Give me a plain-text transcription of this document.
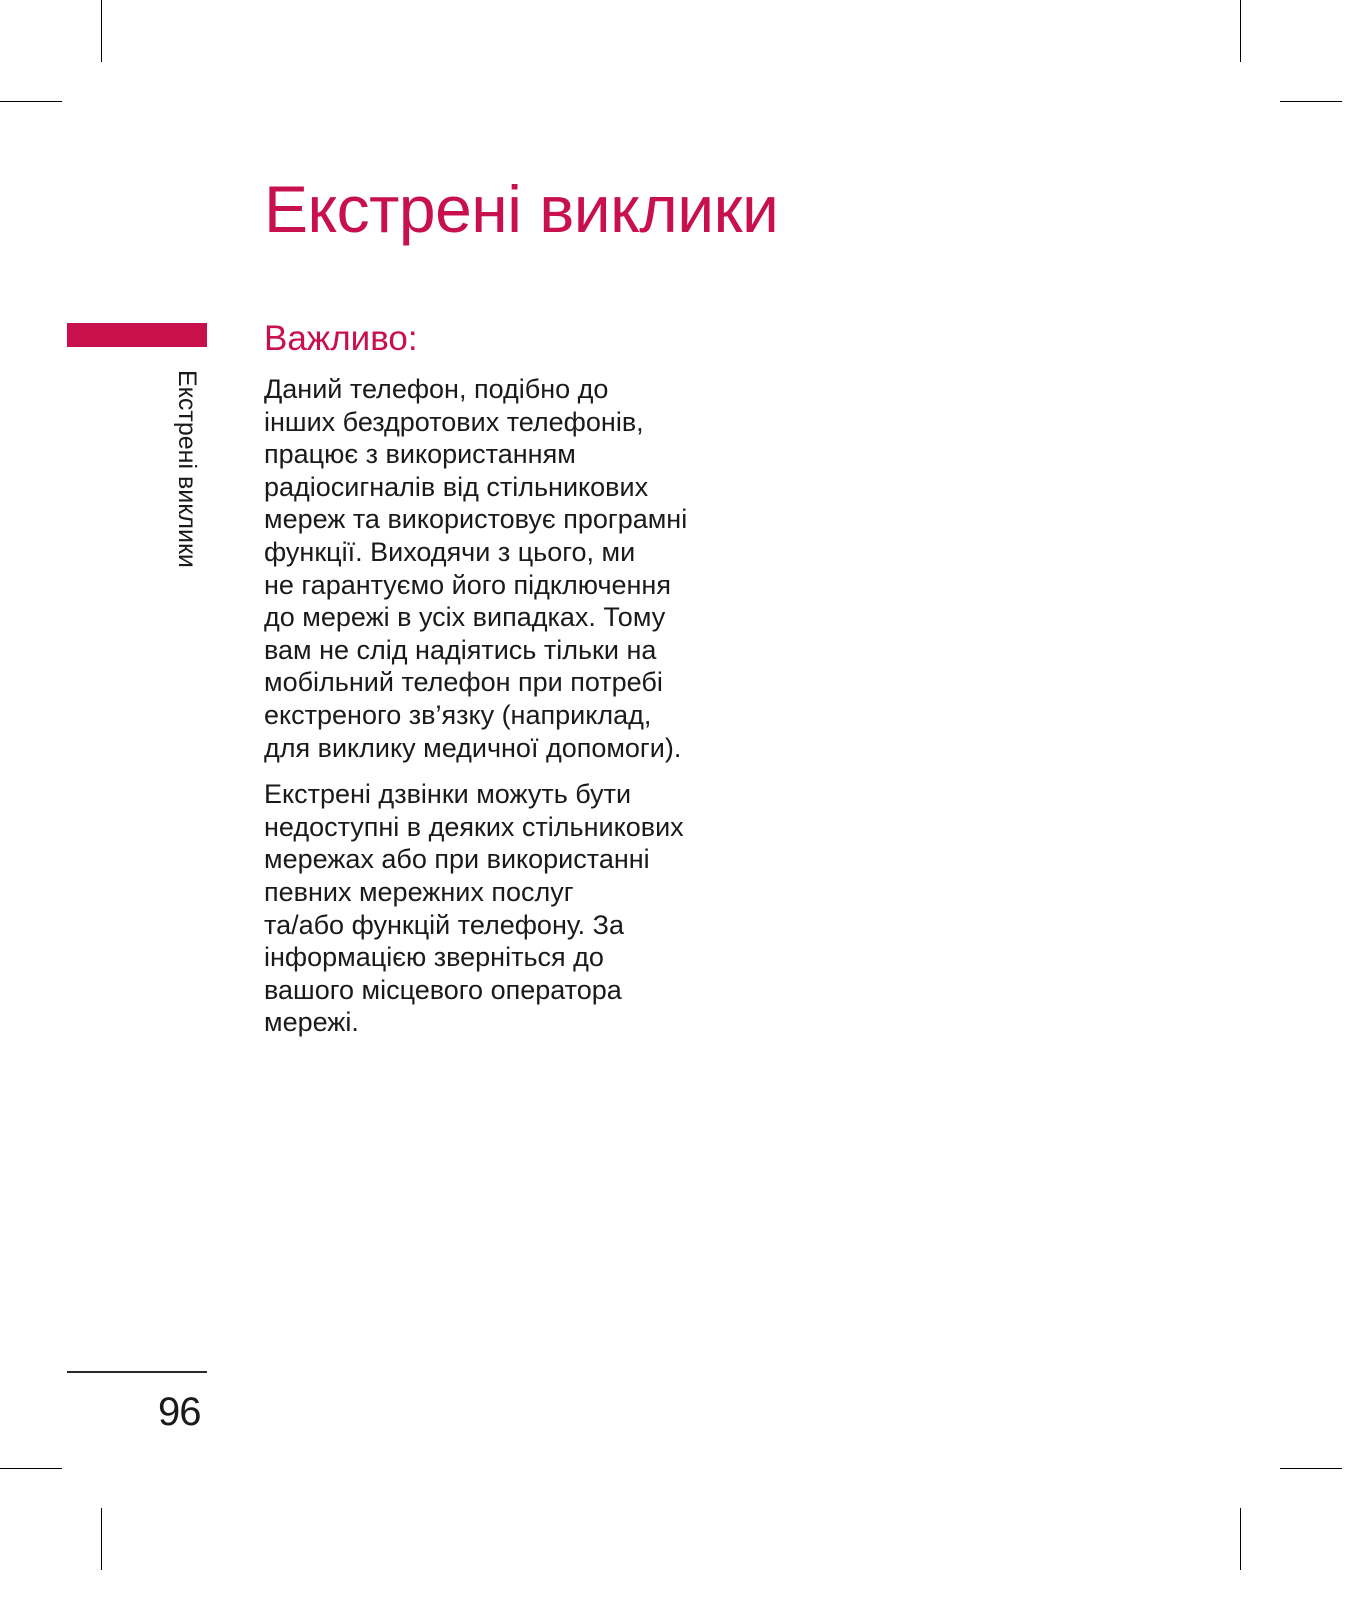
Екстрені виклики
Екстрені виклики
Важливо:

Даний телефон, подібно до
інших бездротових телефонів,
працює з використанням
радіосигналів від стільникових
мереж та використовує програмні
функції. Виходячи з цього, ми
не гарантуємо його підключення
до мережі в усіх випадках. Тому
вам не слід надіятись тільки на
мобільний телефон при потребі
екстреного зв’язку (наприклад,
для виклику медичної допомоги).

Екстрені дзвінки можуть бути
недоступні в деяких стільникових
мережах або при використанні
певних мережних послуг
та/або функцій телефону. За
інформацією зверніться до
вашого місцевого оператора
мережі.

96
